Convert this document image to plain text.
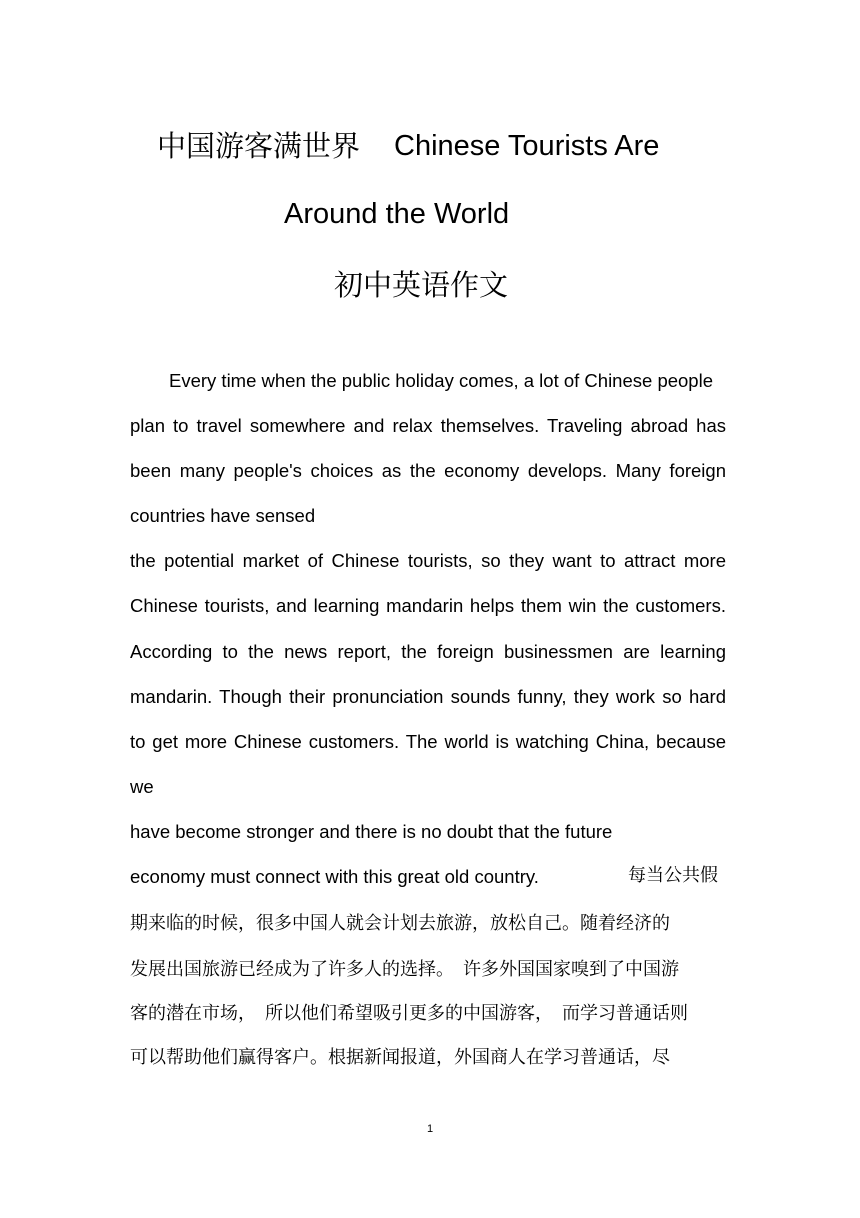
中国游客满世界 Chinese Tourists Are
Around the World
初中英语作文
Every time when the public holiday comes, a lot of Chinese people
plan to travel somewhere and relax themselves. Traveling abroad has
been many people's choices as the economy develops. Many foreign
countries have sensed
the potential market of Chinese tourists, so they want to attract more
Chinese tourists, and learning mandarin helps them win the customers.
According to the news report, the foreign businessmen are learning
mandarin. Though their pronunciation sounds funny, they work so hard
to get more Chinese customers. The world is watching China, because
we
have become stronger and there is no doubt that the future
economy must connect with this great old country.	每当公共假
期来临的时候，很多中国人就会计划去旅游，放松自己。随着经济的
发展出国旅游已经成为了许多人的选择。　许多外国国家嗅到了中国游
客的潜在市场，　所以他们希望吸引更多的中国游客，　而学习普通话则
可以帮助他们赢得客户。根据新闻报道，外国商人在学习普通话，尽
1
